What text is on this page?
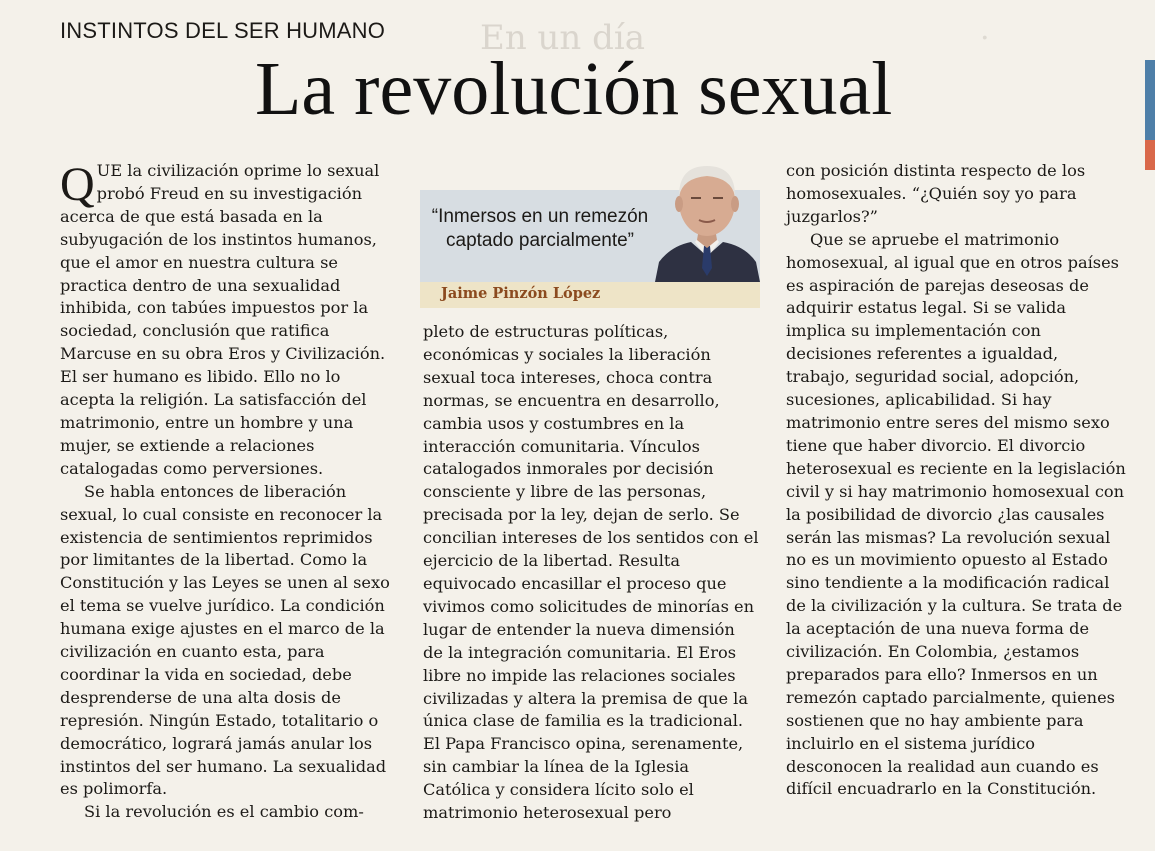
En un día	.
INSTINTOS DEL SER HUMANO
La revolución sexual

QUE la civilización oprime lo sexual probó Freud en su investigación acerca de que está basada en la subyugación de los instintos humanos, que el amor en nuestra cultura se practica dentro de una sexualidad inhibida, con tabúes impuestos por la sociedad, conclusión que ratifica Marcuse en su obra Eros y Civilización. El ser humano es libido. Ello no lo acepta la religión. La satisfacción del matrimonio, entre un hombre y una mujer, se extiende a relaciones catalogadas como perversiones.

Se habla entonces de liberación sexual, lo cual consiste en reconocer la existencia de sentimientos reprimidos por limitantes de la libertad. Como la Constitución y las Leyes se unen al sexo el tema se vuelve jurídico. La condición humana exige ajustes en el marco de la civilización en cuanto esta, para coordinar la vida en sociedad, debe desprenderse de una alta dosis de represión. Ningún Estado, totalitario o democrático, logrará jamás anular los instintos del ser humano. La sexualidad es polimorfa.

Si la revolución es el cambio com-

“Inmersos en un remezón captado parcialmente”
Jaime Pinzón López

pleto de estructuras políticas, económicas y sociales la liberación sexual toca intereses, choca contra normas, se encuentra en desarrollo, cambia usos y costumbres en la interacción comunitaria. Vínculos catalogados inmorales por decisión consciente y libre de las personas, precisada por la ley, dejan de serlo. Se concilian intereses de los sentidos con el ejercicio de la libertad. Resulta equivocado encasillar el proceso que vivimos como solicitudes de minorías en lugar de entender la nueva dimensión de la integración comunitaria. El Eros libre no impide las relaciones sociales civilizadas y altera la premisa de que la única clase de familia es la tradicional. El Papa Francisco opina, serenamente, sin cambiar la línea de la Iglesia Católica y considera lícito solo el matrimonio heterosexual pero

con posición distinta respecto de los homosexuales. “¿Quién soy yo para juzgarlos?”

Que se apruebe el matrimonio homosexual, al igual que en otros países es aspiración de parejas deseosas de adquirir estatus legal. Si se valida implica su implementación con decisiones referentes a igualdad, trabajo, seguridad social, adopción, sucesiones, aplicabilidad. Si hay matrimonio entre seres del mismo sexo tiene que haber divorcio. El divorcio heterosexual es reciente en la legislación civil y si hay matrimonio homosexual con la posibilidad de divorcio ¿las causales serán las mismas? La revolución sexual no es un movimiento opuesto al Estado sino tendiente a la modificación radical de la civilización y la cultura. Se trata de la aceptación de una nueva forma de civilización. En Colombia, ¿estamos preparados para ello? Inmersos en un remezón captado parcialmente, quienes sostienen que no hay ambiente para incluirlo en el sistema jurídico desconocen la realidad aun cuando es difícil encuadrarlo en la Constitución.
